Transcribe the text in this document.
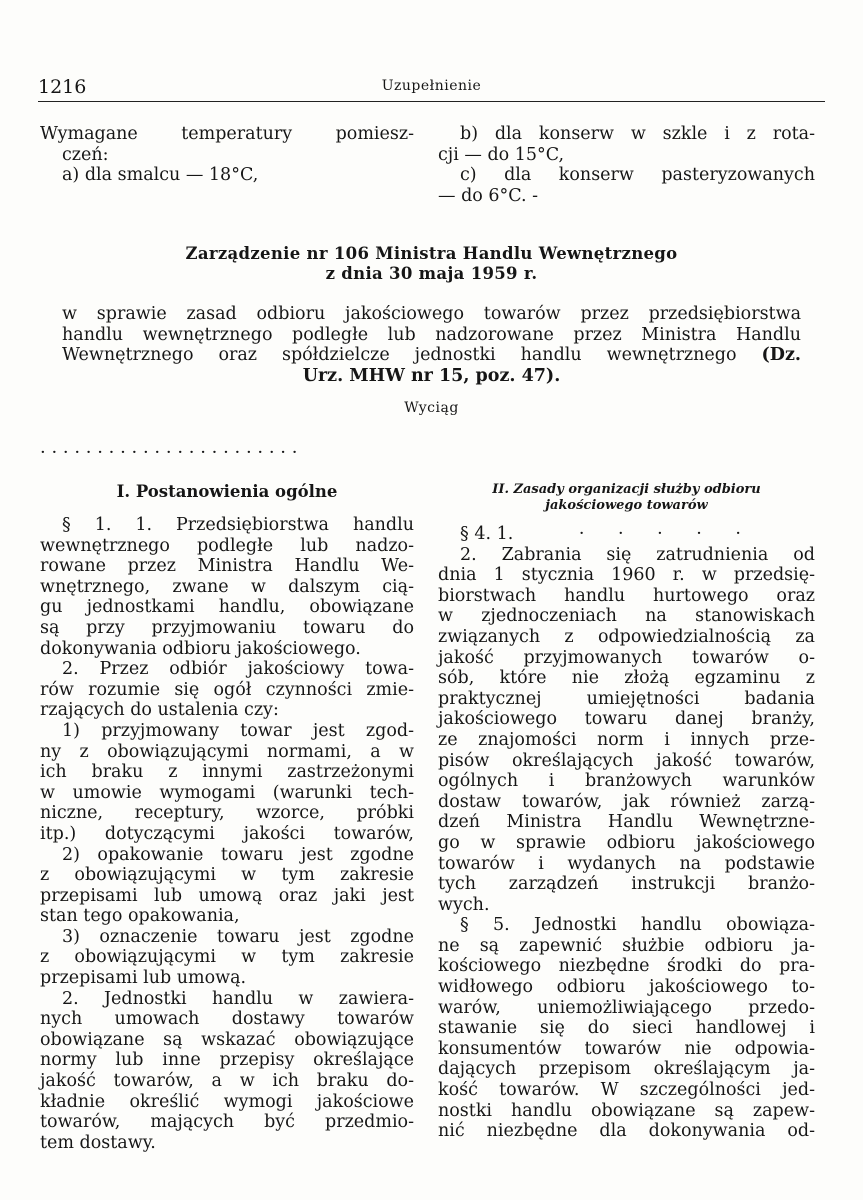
1216	Uzupełnienie

Wymagane temperatury pomiesz-

czeń:

a) dla smalcu — 18°C,

b) dla konserw w szkle i z rota-

cji — do 15°C,

c) dla konserw pasteryzowanych

— do 6°C. ‑

Zarządzenie nr 106 Ministra Handlu Wewnętrznego
z dnia 30 maja 1959 r.

w sprawie zasad odbioru jakościowego towarów przez przedsiębiorstwa

handlu wewnętrznego podległe lub nadzorowane przez Ministra Handlu

Wewnętrznego oraz spółdzielcze jednostki handlu wewnętrznego (Dz.

Urz. MHW nr 15, poz. 47).

Wyciąg
· · · · · · · · · · · · · · · · · · · · · · ·
I. Postanowienia ogólne	II. Zasady organizacji służby odbioru
jakościowego towarów

§ 1. 1. Przedsiębiorstwa handlu

wewnętrznego podległe lub nadzo-

rowane przez Ministra Handlu We-

wnętrznego, zwane w dalszym cią-

gu jednostkami handlu, obowiązane

są przy przyjmowaniu towaru do

dokonywania odbioru jakościowego.

2. Przez odbiór jakościowy towa-

rów rozumie się ogół czynności zmie-

rzających do ustalenia czy:

1) przyjmowany towar jest zgod-

ny z obowiązującymi normami, a w

ich braku z innymi zastrzeżonymi

w umowie wymogami (warunki tech-

niczne, receptury, wzorce, próbki

itp.) dotyczącymi jakości towarów,

2) opakowanie towaru jest zgodne

z obowiązującymi w tym zakresie

przepisami lub umową oraz jaki jest

stan tego opakowania,

3) oznaczenie towaru jest zgodne

z obowiązującymi w tym zakresie

przepisami lub umową.

2. Jednostki handlu w zawiera-

nych umowach dostawy towarów

obowiązane są wskazać obowiązujące

normy lub inne przepisy określające

jakość towarów, a w ich braku do-

kładnie określić wymogi jakościowe

towarów, mających być przedmio-

tem dostawy.

§ 4. 1.	· · · · ·

2. Zabrania się zatrudnienia od

dnia 1 stycznia 1960 r. w przedsię-

biorstwach handlu hurtowego oraz

w zjednoczeniach na stanowiskach

związanych z odpowiedzialnością za

jakość przyjmowanych towarów o-

sób, które nie złożą egzaminu z

praktycznej umiejętności badania

jakościowego towaru danej branży,

ze znajomości norm i innych prze-

pisów określających jakość towarów,

ogólnych i branżowych warunków

dostaw towarów, jak również zarzą-

dzeń Ministra Handlu Wewnętrzne-

go w sprawie odbioru jakościowego

towarów i wydanych na podstawie

tych zarządzeń instrukcji branżo-

wych.

§ 5. Jednostki handlu obowiąza-

ne są zapewnić służbie odbioru ja-

kościowego niezbędne środki do pra-

widłowego odbioru jakościowego to-

warów, uniemożliwiającego przedo-

stawanie się do sieci handlowej i

konsumentów towarów nie odpowia-

dających przepisom określającym ja-

kość towarów. W szczególności jed-

nostki handlu obowiązane są zapew-

nić niezbędne dla dokonywania od-
